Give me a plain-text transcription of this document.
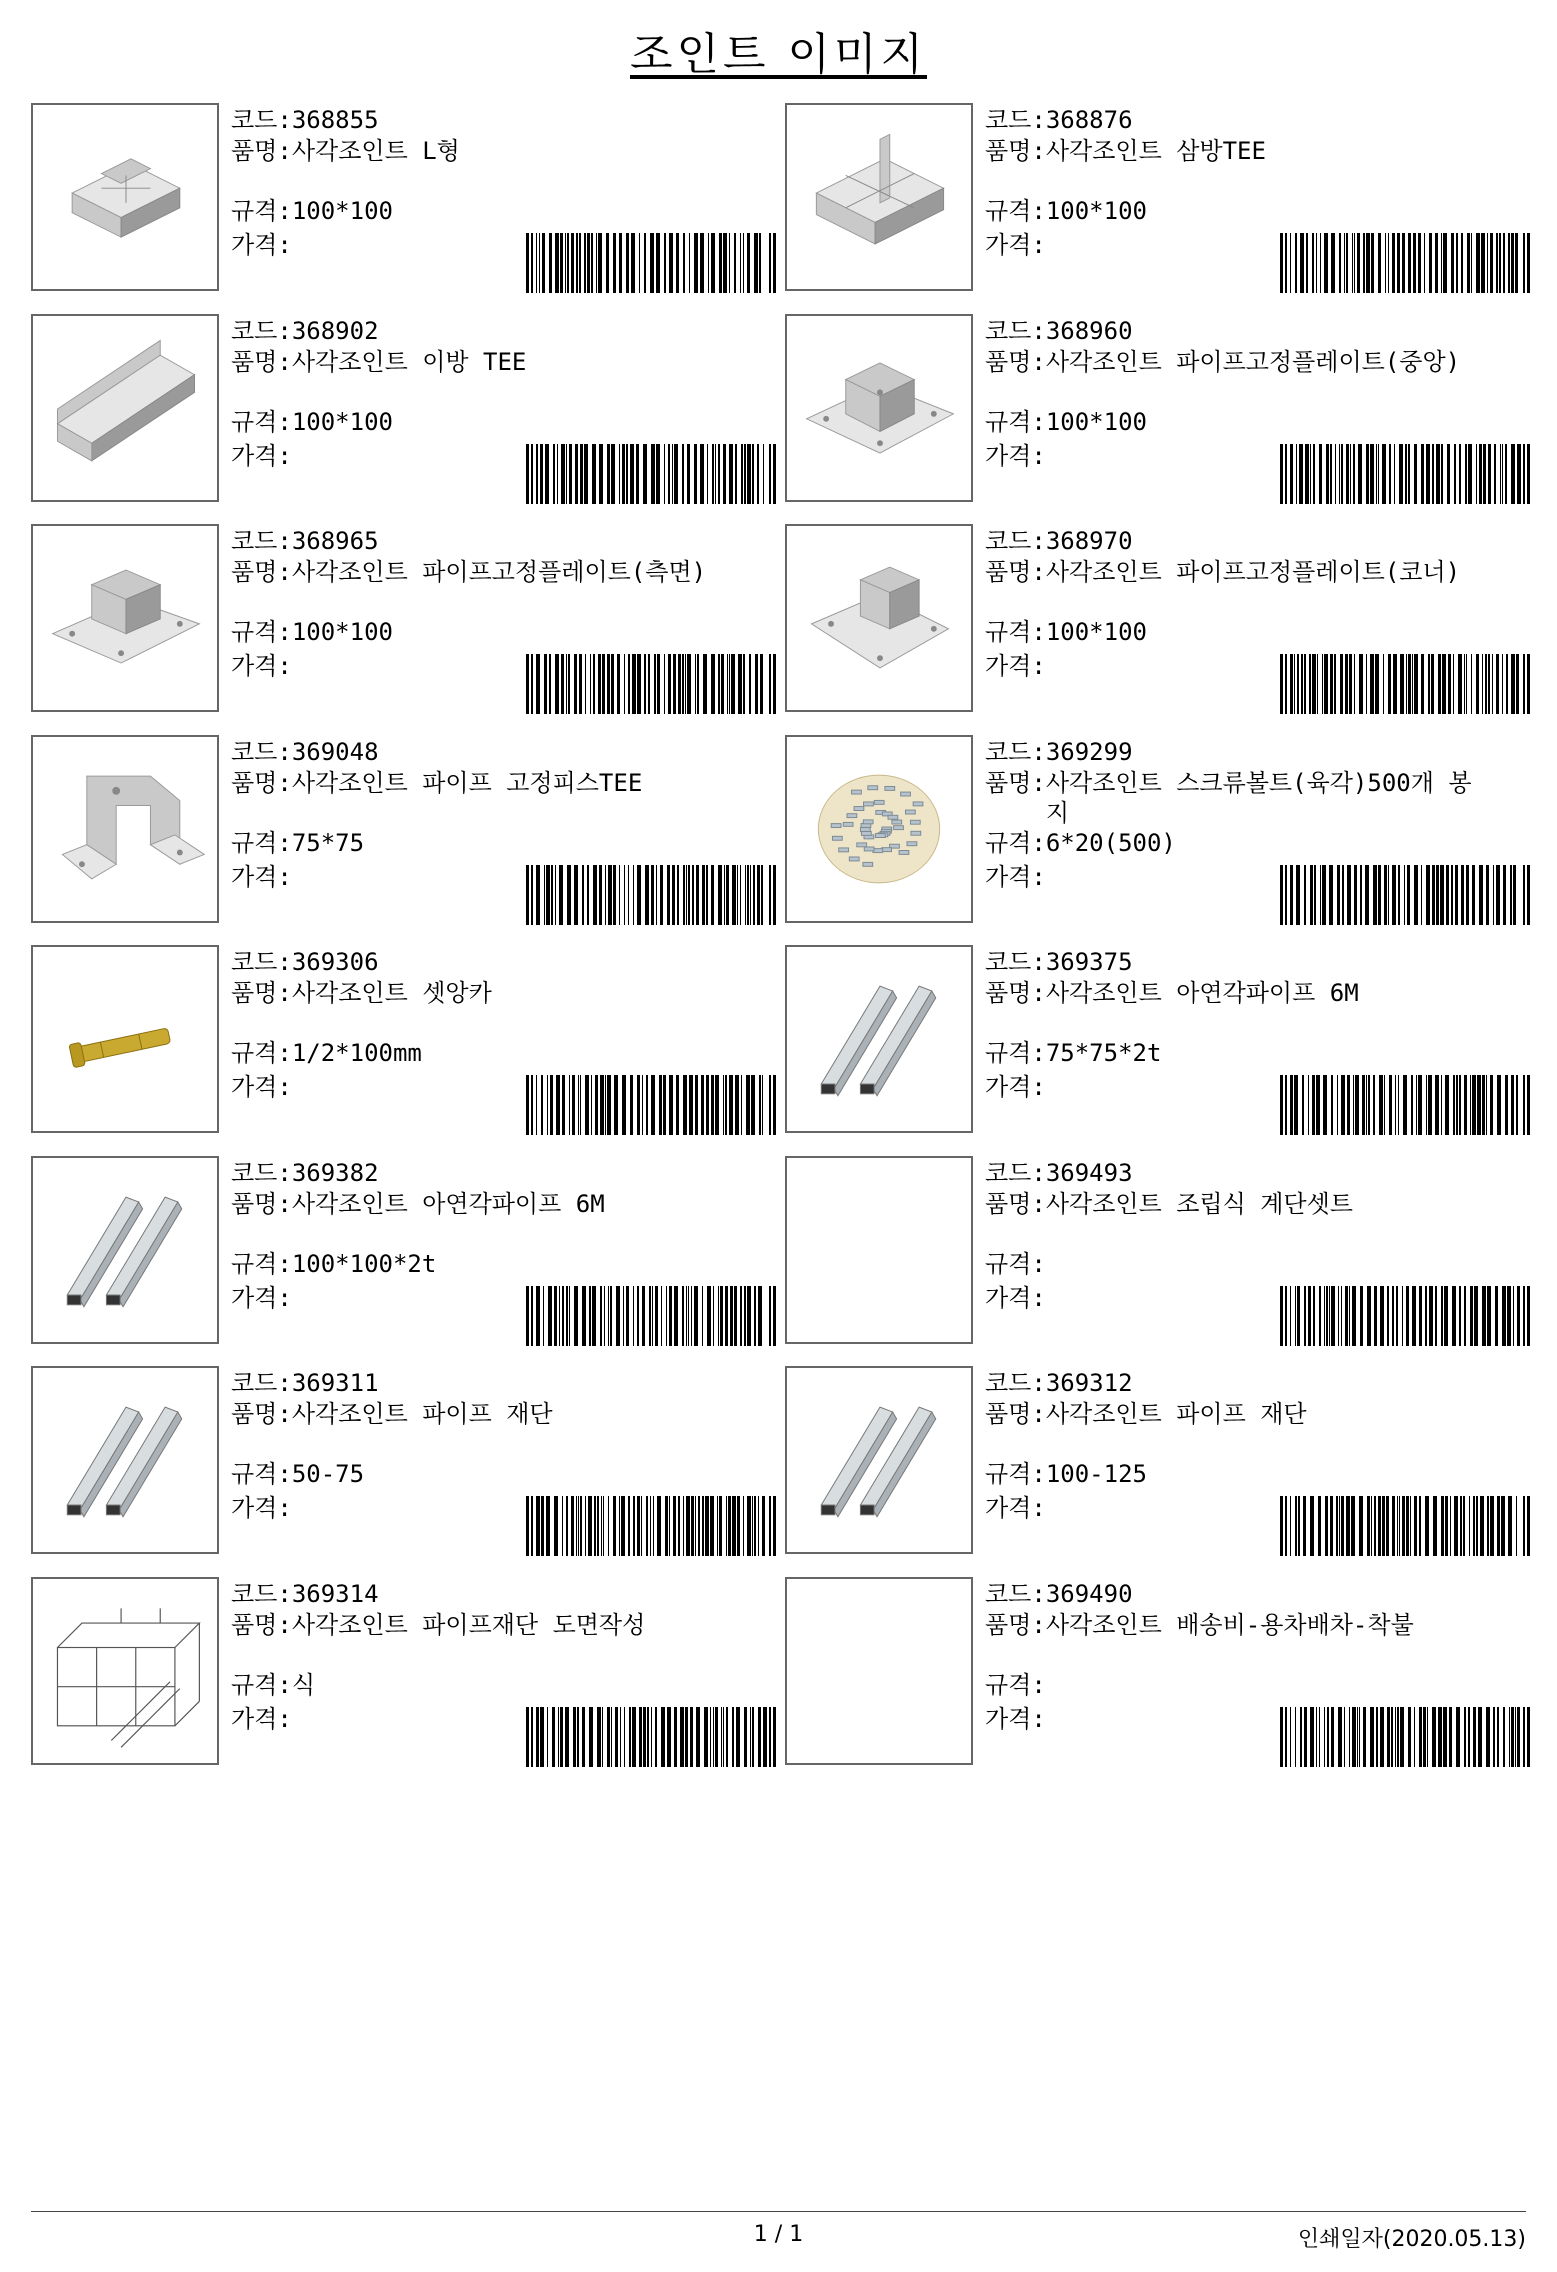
조인트 이미지
코드:368855
품명:사각조인트 L형
규격:100*100
가격:
코드:368876
품명:사각조인트 삼방TEE
규격:100*100
가격:
코드:368902
품명:사각조인트 이방 TEE
규격:100*100
가격:
코드:368960
품명:사각조인트 파이프고정플레이트(중앙)
규격:100*100
가격:
코드:368965
품명:사각조인트 파이프고정플레이트(측면)
규격:100*100
가격:
코드:368970
품명:사각조인트 파이프고정플레이트(코너)
규격:100*100
가격:
코드:369048
품명:사각조인트 파이프 고정피스TEE
규격:75*75
가격:
코드:369299
품명:사각조인트 스크류볼트(육각)500개 봉
지
규격:6*20(500)
가격:
코드:369306
품명:사각조인트 셋앙카
규격:1/2*100mm
가격:
코드:369375
품명:사각조인트 아연각파이프 6M
규격:75*75*2t
가격:
코드:369382
품명:사각조인트 아연각파이프 6M
규격:100*100*2t
가격:
코드:369493
품명:사각조인트 조립식 계단셋트
규격:
가격:
코드:369311
품명:사각조인트 파이프 재단
규격:50-75
가격:
코드:369312
품명:사각조인트 파이프 재단
규격:100-125
가격:
코드:369314
품명:사각조인트 파이프재단 도면작성
규격:식
가격:
코드:369490
품명:사각조인트 배송비-용차배차-착불
규격:
가격:
1 / 1	인쇄일자(2020.05.13)
